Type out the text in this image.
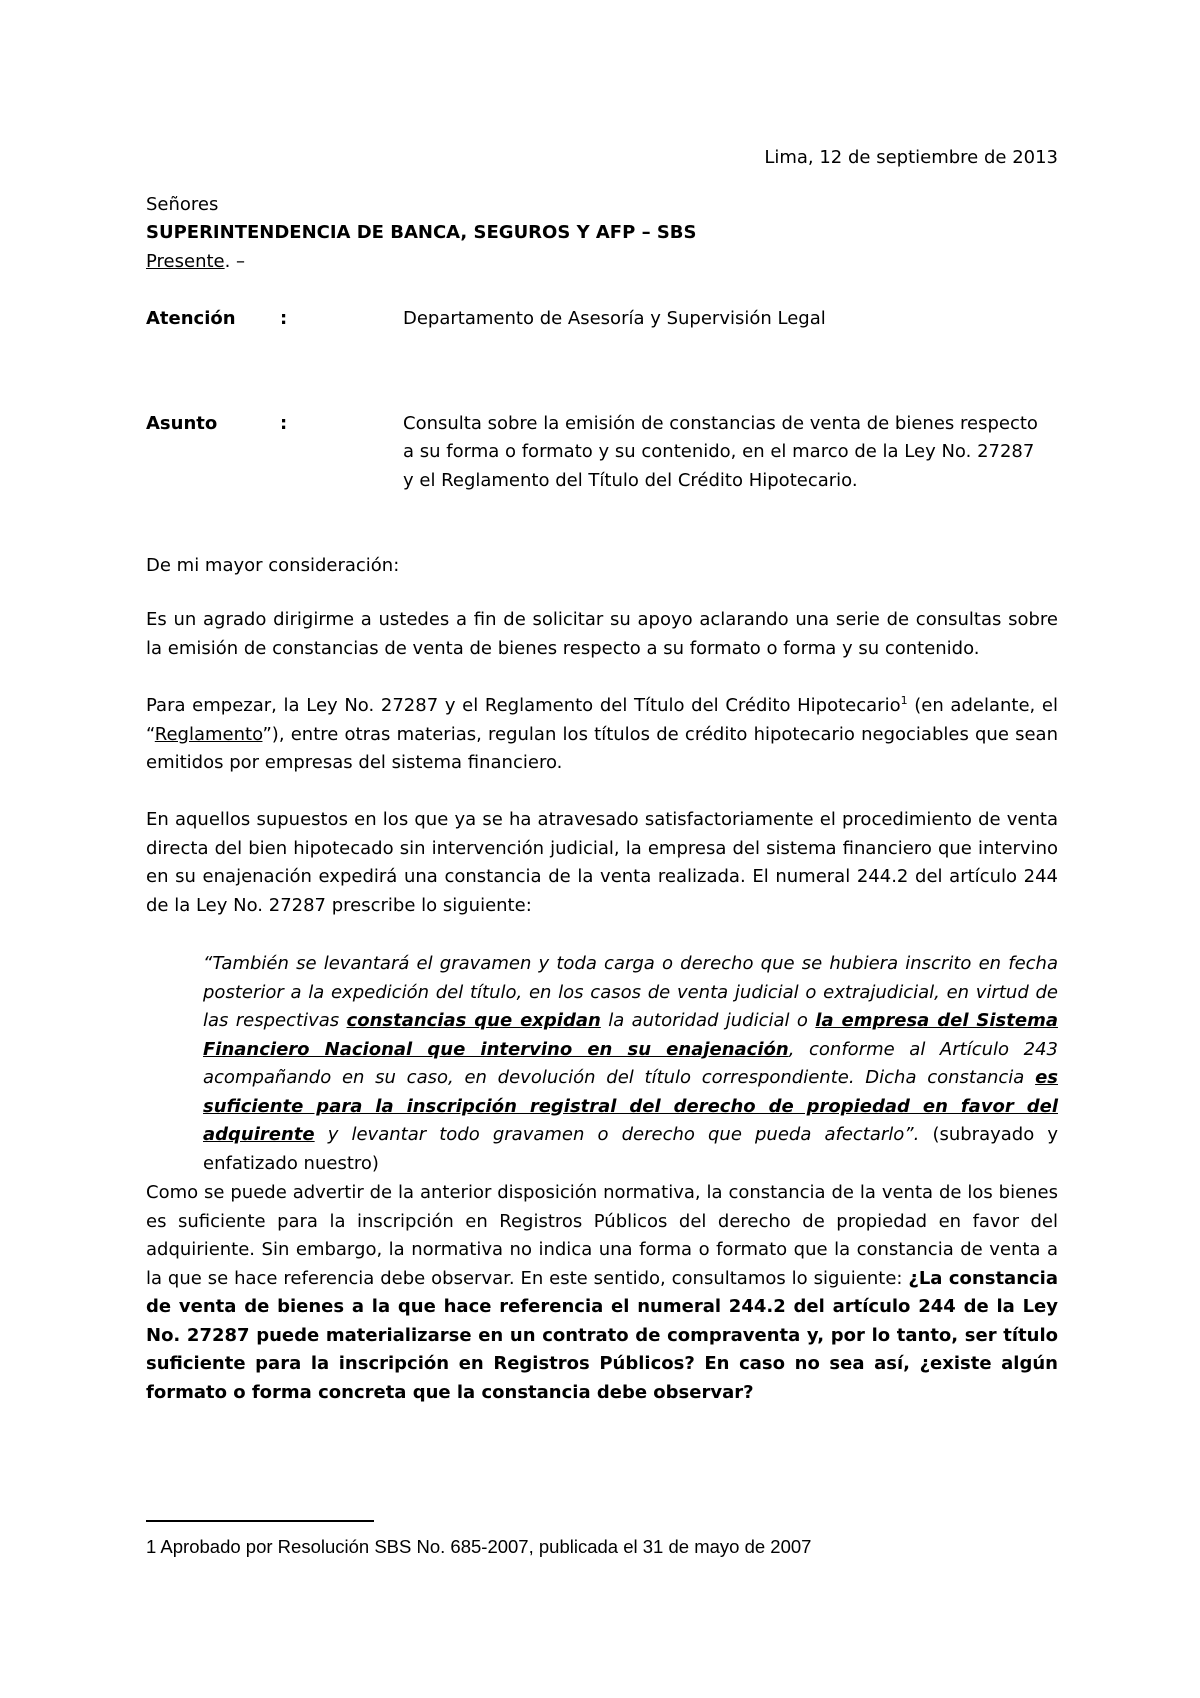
Lima, 12 de septiembre de 2013
Señores
SUPERINTENDENCIA DE BANCA, SEGUROS Y AFP – SBS
Presente. –
Atención :	Departamento de Asesoría y Supervisión Legal
Asunto	:	Consulta sobre la emisión de constancias de venta de bienes respecto
a su forma o formato y su contenido, en el marco de la Ley No. 27287
y el Reglamento del Título del Crédito Hipotecario.
De mi mayor consideración:
Es un agrado dirigirme a ustedes a fin de solicitar su apoyo aclarando una serie de consultas sobre la emisión de constancias de venta de bienes respecto a su formato o forma y su contenido.
Para empezar, la Ley No. 27287 y el Reglamento del Título del Crédito Hipotecario$^1$ (en adelante, el “Reglamento”), entre otras materias, regulan los títulos de crédito hipotecario negociables que sean emitidos por empresas del sistema financiero.
En aquellos supuestos en los que ya se ha atravesado satisfactoriamente el procedimiento de venta directa del bien hipotecado sin intervención judicial, la empresa del sistema financiero que intervino en su enajenación expedirá una constancia de la venta realizada. El numeral 244.2 del artículo 244 de la Ley No. 27287 prescribe lo siguiente:
“También se levantará el gravamen y toda carga o derecho que se hubiera inscrito en fecha posterior a la expedición del título, en los casos de venta judicial o extrajudicial, en virtud de las respectivas constancias que expidan la autoridad judicial o la empresa del Sistema Financiero Nacional que intervino en su enajenación, conforme al Artículo 243 acompañando en su caso, en devolución del título correspondiente. Dicha constancia es suficiente para la inscripción registral del derecho de propiedad en favor del adquirente y levantar todo gravamen o derecho que pueda afectarlo”. (subrayado y enfatizado nuestro)
Como se puede advertir de la anterior disposición normativa, la constancia de la venta de los bienes es suficiente para la inscripción en Registros Públicos del derecho de propiedad en favor del adquiriente. Sin embargo, la normativa no indica una forma o formato que la constancia de venta a la que se hace referencia debe observar. En este sentido, consultamos lo siguiente: ¿La constancia de venta de bienes a la que hace referencia el numeral 244.2 del artículo 244 de la Ley No. 27287 puede materializarse en un contrato de compraventa y, por lo tanto, ser título suficiente para la inscripción en Registros Públicos? En caso no sea así, ¿existe algún formato o forma concreta que la constancia debe observar?
1 Aprobado por Resolución SBS No. 685-2007, publicada el 31 de mayo de 2007
